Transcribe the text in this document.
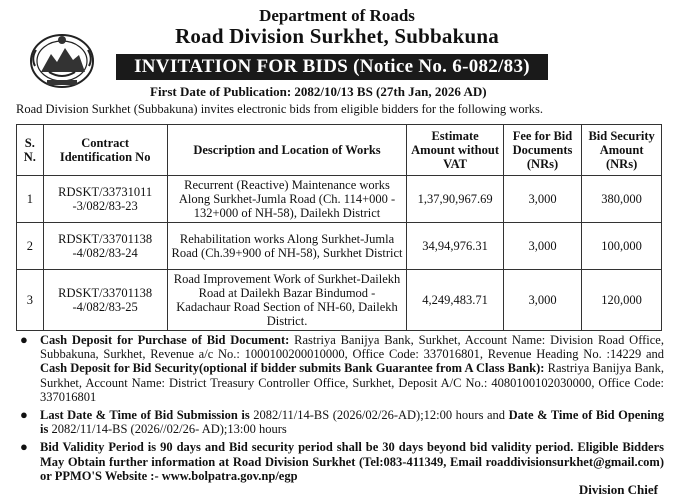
Department of Roads
Road Division Surkhet, Subbakuna
INVITATION FOR BIDS (Notice No. 6-082/83)
First Date of Publication: 2082/10/13 BS (27th Jan, 2026 AD)
Road Division Surkhet (Subbakuna) invites electronic bids from eligible bidders for the following works.
S. N.	Contract Identification No	Description and Location of Works	Estimate Amount without VAT	Fee for Bid Documents (NRs)	Bid Security Amount (NRs)
1	RDSKT/33731011 -3/082/83-23	Recurrent (Reactive) Maintenance works Along Surkhet-Jumla Road (Ch. 114+000 - 132+000 of NH-58), Dailekh District	1,37,90,967.69	3,000	380,000
2	RDSKT/33701138 -4/082/83-24	Rehabilitation works Along Surkhet-Jumla Road (Ch.39+900 of NH-58), Surkhet District	34,94,976.31	3,000	100,000
3	RDSKT/33701138 -4/082/83-25	Road Improvement Work of Surkhet-Dailekh Road at Dailekh Bazar Bindumod - Kadachaur Road Section of NH-60, Dailekh District.	4,249,483.71	3,000	120,000
● Cash Deposit for Purchase of Bid Document: Rastriya Banijya Bank, Surkhet, Account Name: Division Road Office, Subbakuna, Surkhet, Revenue a/c No.: 1000100200010000, Office Code: 337016801, Revenue Heading No. :14229 and Cash Deposit for Bid Security(optional if bidder submits Bank Guarantee from A Class Bank): Rastriya Banijya Bank, Surkhet, Account Name: District Treasury Controller Office, Surkhet, Deposit A/C No.: 4080100102030000, Office Code: 337016801
● Last Date & Time of Bid Submission is 2082/11/14-BS (2026/02/26-AD);12:00 hours and Date & Time of Bid Opening is 2082/11/14-BS (2026//02/26- AD);13:00 hours
● Bid Validity Period is 90 days and Bid security period shall be 30 days beyond bid validity period. Eligible Bidders May Obtain further information at Road Division Surkhet (Tel:083-411349, Email roaddivisionsurkhet@gmail.com) or PPMO'S Website :- www.bolpatra.gov.np/egp
Division Chief
